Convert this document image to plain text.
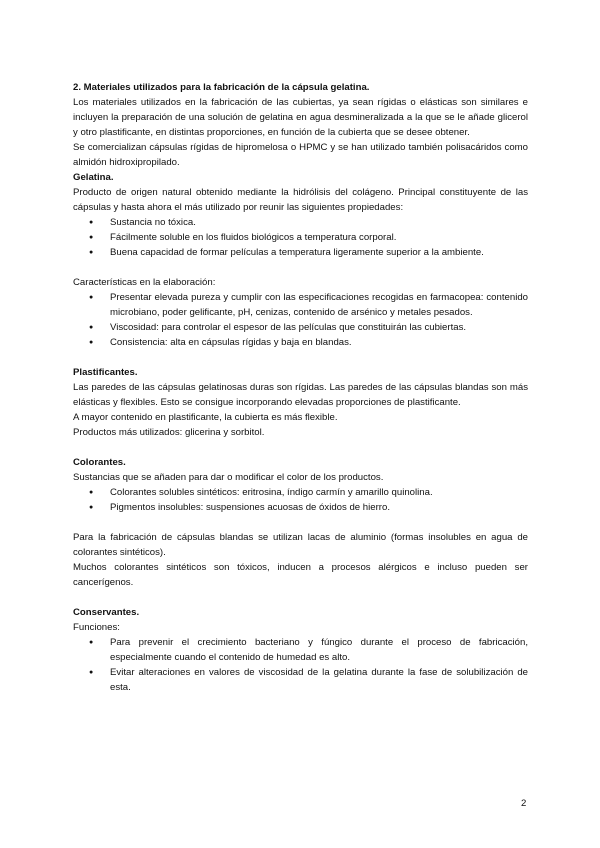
2. Materiales utilizados para la fabricación de la cápsula gelatina.

Los materiales utilizados en la fabricación de las cubiertas, ya sean rígidas o elásticas son similares e incluyen la preparación de una solución de gelatina en agua desmineralizada a la que se le añade glicerol y otro plastificante, en distintas proporciones, en función de la cubierta que se desee obtener.

Se comercializan cápsulas rígidas de hipromelosa o HPMC y se han utilizado también polisacáridos como almidón hidroxipropilado.

Gelatina.

Producto de origen natural obtenido mediante la hidrólisis del colágeno. Principal constituyente de las cápsulas y hasta ahora el más utilizado por reunir las siguientes propiedades:

● Sustancia no tóxica.
● Fácilmente soluble en los fluidos biológicos a temperatura corporal.
● Buena capacidad de formar películas a temperatura ligeramente superior a la ambiente.

Características en la elaboración:

● Presentar elevada pureza y cumplir con las especificaciones recogidas en farmacopea: contenido microbiano, poder gelificante, pH, cenizas, contenido de arsénico y metales pesados.
● Viscosidad: para controlar el espesor de las películas que constituirán las cubiertas.
● Consistencia: alta en cápsulas rígidas y baja en blandas.
Plastificantes.

Las paredes de las cápsulas gelatinosas duras son rígidas. Las paredes de las cápsulas blandas son más elásticas y flexibles. Esto se consigue incorporando elevadas proporciones de plastificante.

A mayor contenido en plastificante, la cubierta es más flexible.

Productos más utilizados: glicerina y sorbitol.

Colorantes.

Sustancias que se añaden para dar o modificar el color de los productos.

● Colorantes solubles sintéticos: eritrosina, índigo carmín y amarillo quinolina.
● Pigmentos insolubles: suspensiones acuosas de óxidos de hierro.

Para la fabricación de cápsulas blandas se utilizan lacas de aluminio (formas insolubles en agua de colorantes sintéticos).

Muchos colorantes sintéticos son tóxicos, inducen a procesos alérgicos e incluso pueden ser cancerígenos.

Conservantes.

Funciones:

● Para prevenir el crecimiento bacteriano y fúngico durante el proceso de fabricación, especialmente cuando el contenido de humedad es alto.
● Evitar alteraciones en valores de viscosidad de la gelatina durante la fase de solubilización de esta.
2
